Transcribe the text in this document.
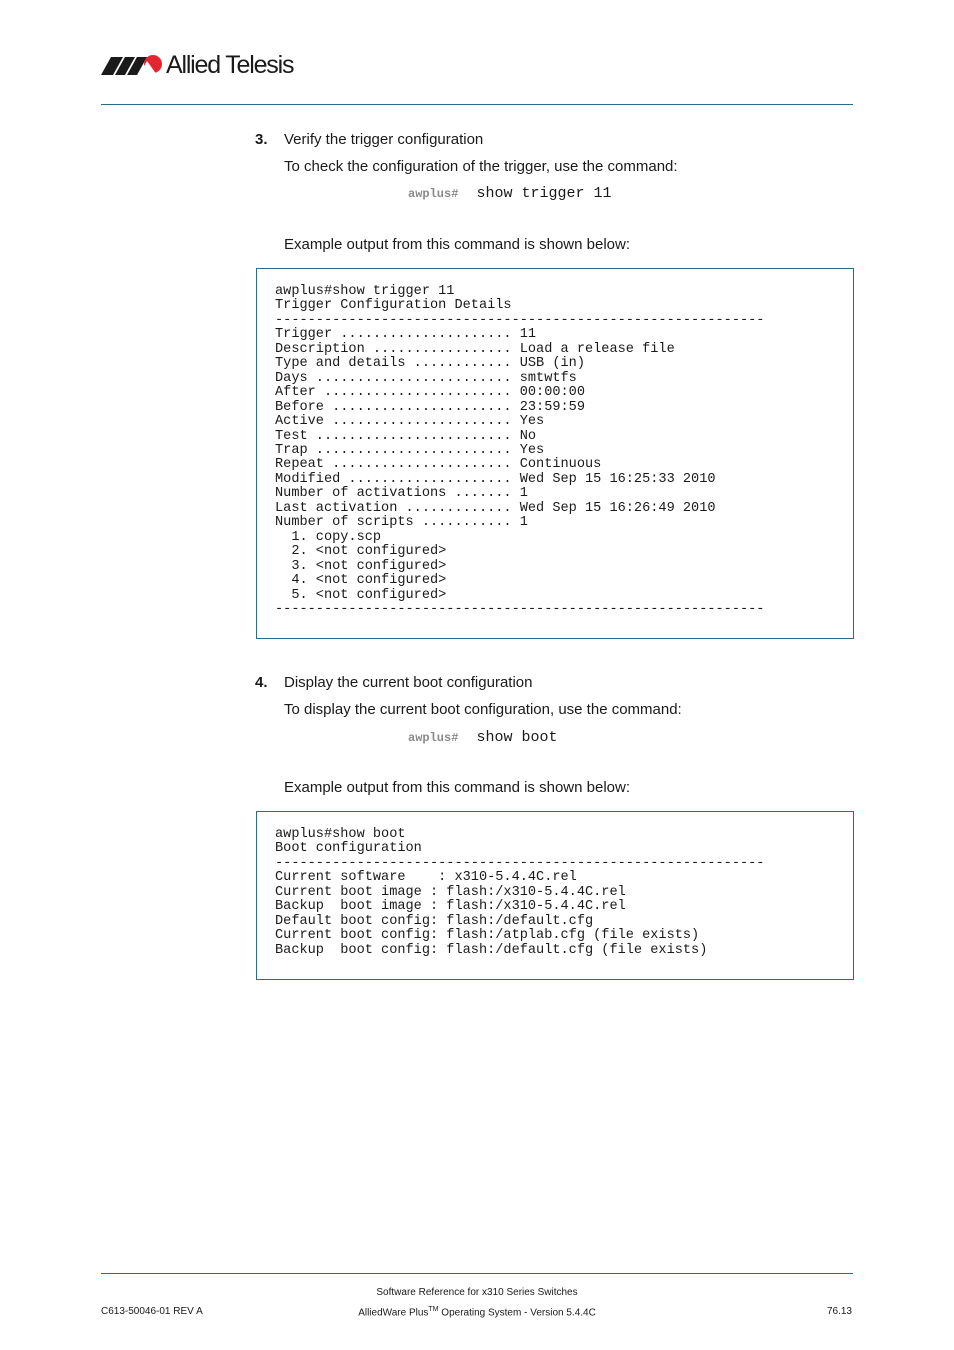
Allied Telesis
3. Verify the trigger configuration
To check the configuration of the trigger, use the command:
awplus# show trigger 11
Example output from this command is shown below:
awplus#show trigger 11
Trigger Configuration Details
------------------------------------------------------------
Trigger ..................... 11
Description ................. Load a release file
Type and details ............ USB (in)
Days ........................ smtwtfs
After ....................... 00:00:00
Before ...................... 23:59:59
Active ...................... Yes
Test ........................ No
Trap ........................ Yes
Repeat ...................... Continuous
Modified .................... Wed Sep 15 16:25:33 2010
Number of activations ....... 1
Last activation ............. Wed Sep 15 16:26:49 2010
Number of scripts ........... 1
1. copy.scp
2. <not configured>
3. <not configured>
4. <not configured>
5. <not configured>
------------------------------------------------------------
4. Display the current boot configuration
To display the current boot configuration, use the command:
awplus# show boot
Example output from this command is shown below:
awplus#show boot
Boot configuration
------------------------------------------------------------
Current software    : x310-5.4.4C.rel
Current boot image : flash:/x310-5.4.4C.rel
Backup  boot image : flash:/x310-5.4.4C.rel
Default boot config: flash:/default.cfg
Current boot config: flash:/atplab.cfg (file exists)
Backup  boot config: flash:/default.cfg (file exists)
Software Reference for x310 Series Switches
C613-50046-01 REV A	AlliedWare Plus™ Operating System - Version 5.4.4C	76.13
